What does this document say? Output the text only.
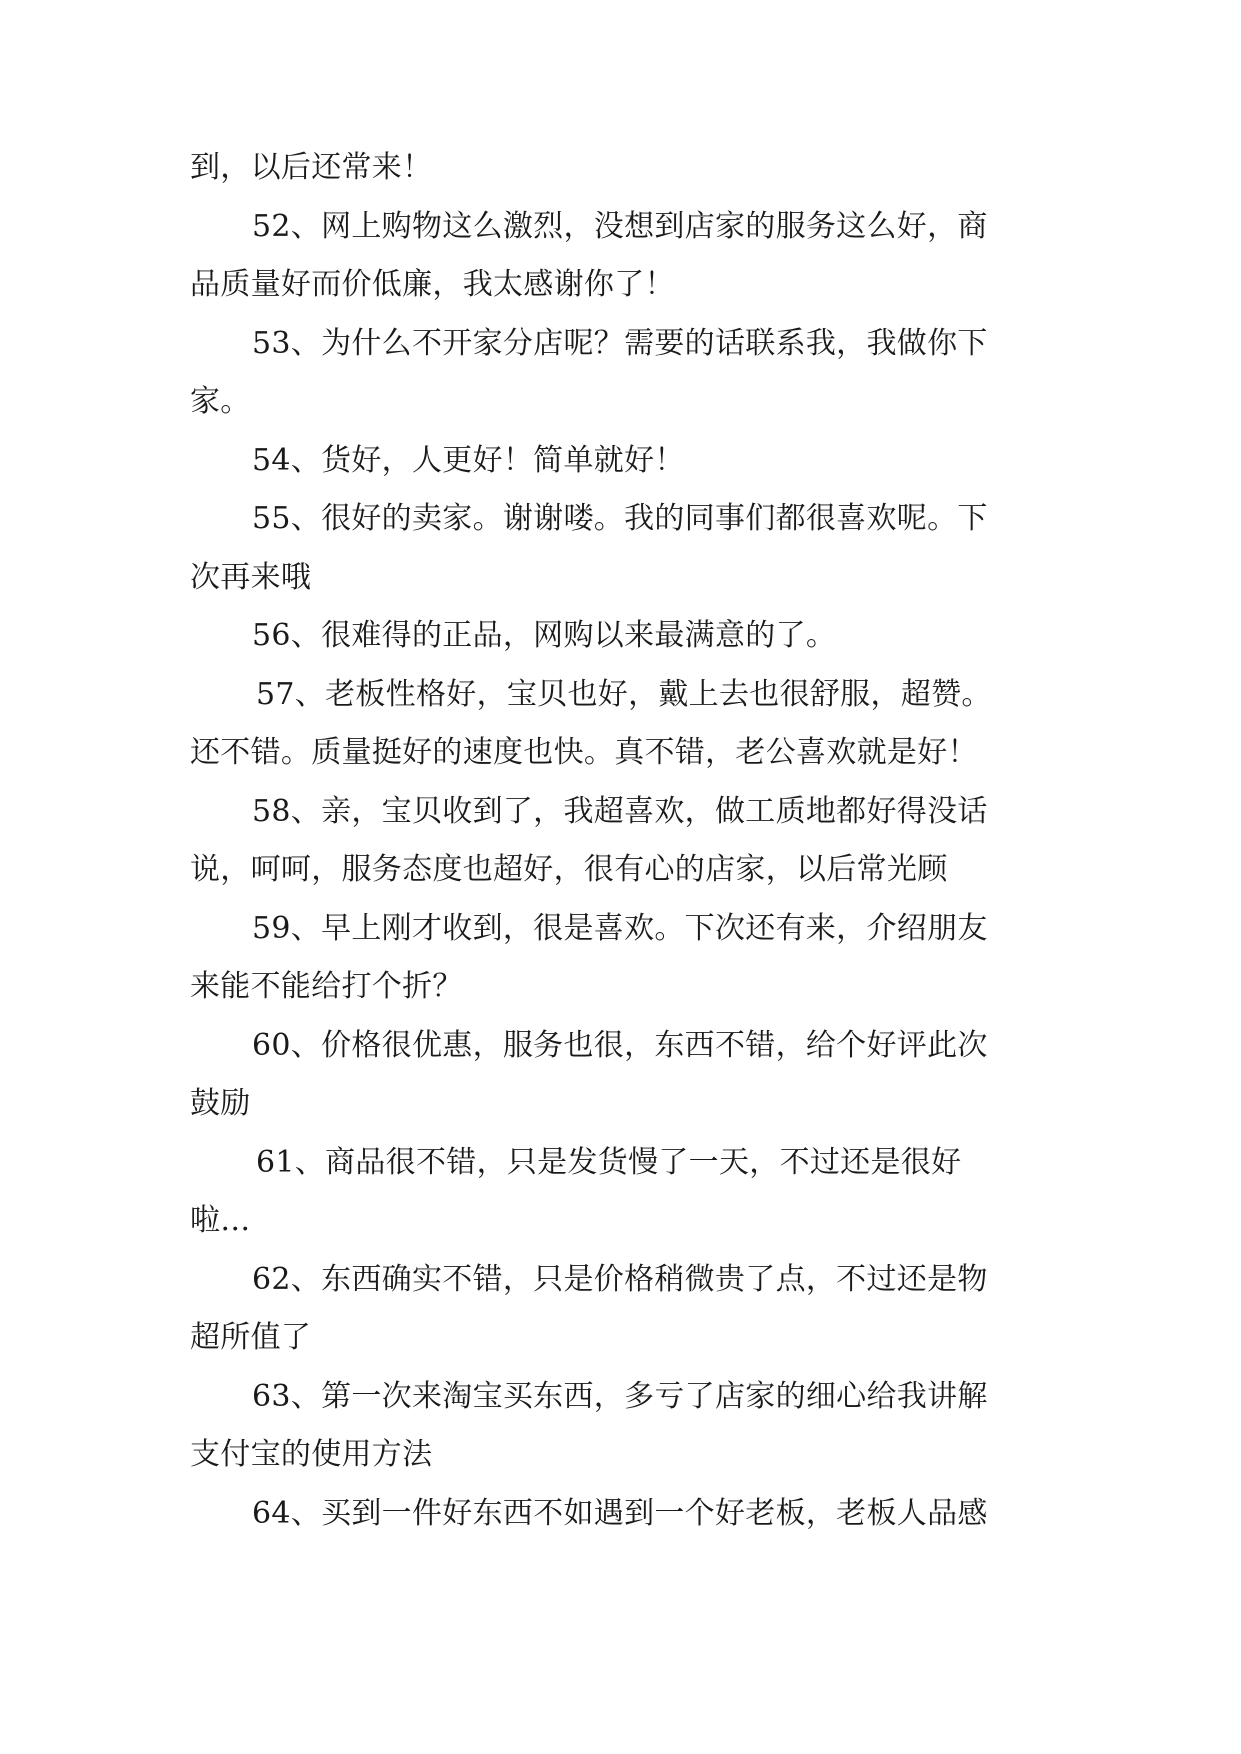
到，以后还常来！
52、网上购物这么激烈，没想到店家的服务这么好，商
品质量好而价低廉，我太感谢你了！
53、为什么不开家分店呢？需要的话联系我，我做你下
家。
54、货好，人更好！简单就好！
55、很好的卖家。谢谢喽。我的同事们都很喜欢呢。下
次再来哦
56、很难得的正品，网购以来最满意的了。
57、老板性格好，宝贝也好，戴上去也很舒服，超赞。
还不错。质量挺好的速度也快。真不错，老公喜欢就是好！
58、亲，宝贝收到了，我超喜欢，做工质地都好得没话
说，呵呵，服务态度也超好，很有心的店家，以后常光顾
59、早上刚才收到，很是喜欢。下次还有来，介绍朋友
来能不能给打个折？
60、价格很优惠，服务也很，东西不错，给个好评此次
鼓励
61、商品很不错，只是发货慢了一天，不过还是很好
啦…
62、东西确实不错，只是价格稍微贵了点，不过还是物
超所值了
63、第一次来淘宝买东西，多亏了店家的细心给我讲解
支付宝的使用方法
64、买到一件好东西不如遇到一个好老板，老板人品感
